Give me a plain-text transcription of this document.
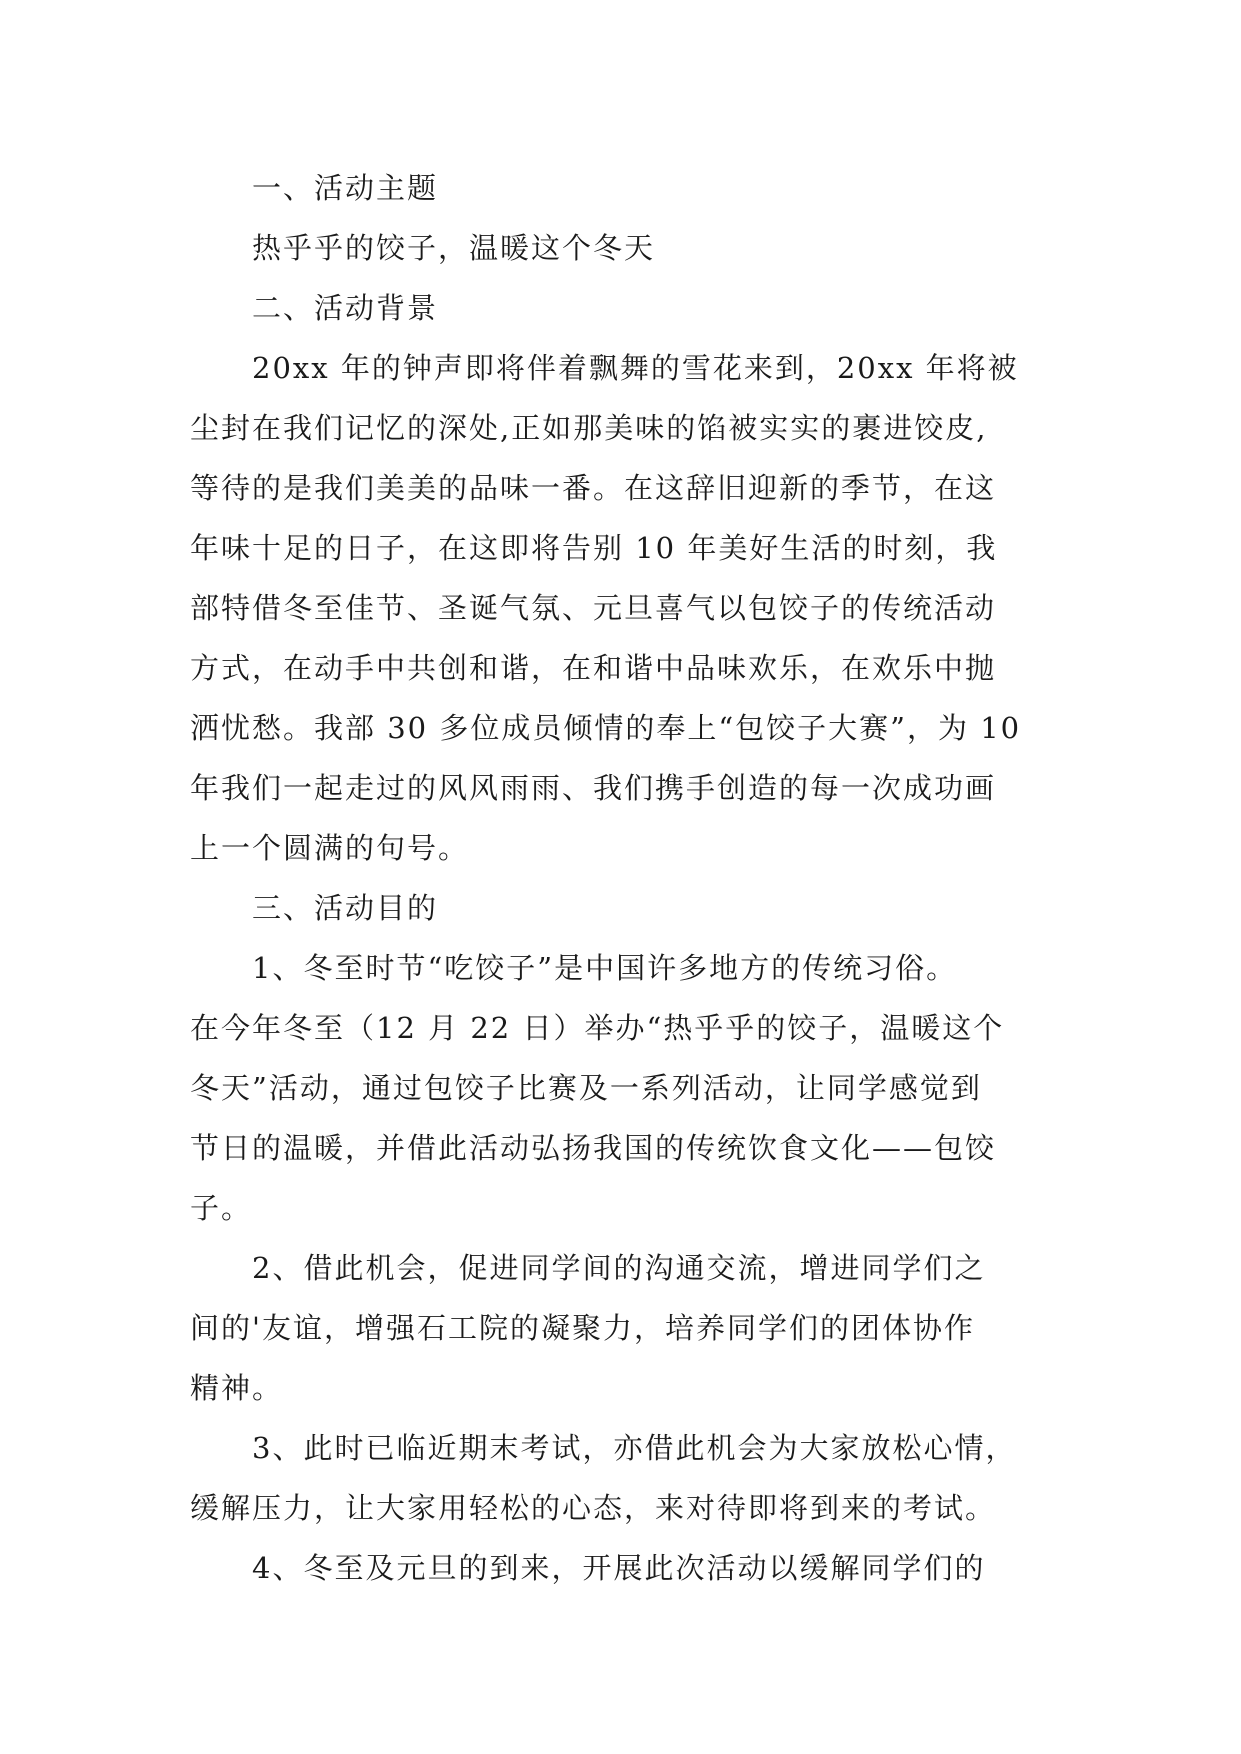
一、活动主题
热乎乎的饺子，温暖这个冬天
二、活动背景
20xx 年的钟声即将伴着飘舞的雪花来到，20xx 年将被
尘封在我们记忆的深处,正如那美味的馅被实实的裹进饺皮,
等待的是我们美美的品味一番。在这辞旧迎新的季节，在这
年味十足的日子，在这即将告别 10 年美好生活的时刻，我
部特借冬至佳节、圣诞气氛、元旦喜气以包饺子的传统活动
方式，在动手中共创和谐，在和谐中品味欢乐，在欢乐中抛
洒忧愁。我部 30 多位成员倾情的奉上“包饺子大赛”，为 10
年我们一起走过的风风雨雨、我们携手创造的每一次成功画
上一个圆满的句号。
三、活动目的
1、冬至时节“吃饺子”是中国许多地方的传统习俗。
在今年冬至（12 月 22 日）举办“热乎乎的饺子，温暖这个
冬天”活动，通过包饺子比赛及一系列活动，让同学感觉到
节日的温暖，并借此活动弘扬我国的传统饮食文化——包饺
子。
2、借此机会，促进同学间的沟通交流，增进同学们之
间的'友谊，增强石工院的凝聚力，培养同学们的团体协作
精神。
3、此时已临近期末考试，亦借此机会为大家放松心情，
缓解压力，让大家用轻松的心态，来对待即将到来的考试。
4、冬至及元旦的到来，开展此次活动以缓解同学们的
